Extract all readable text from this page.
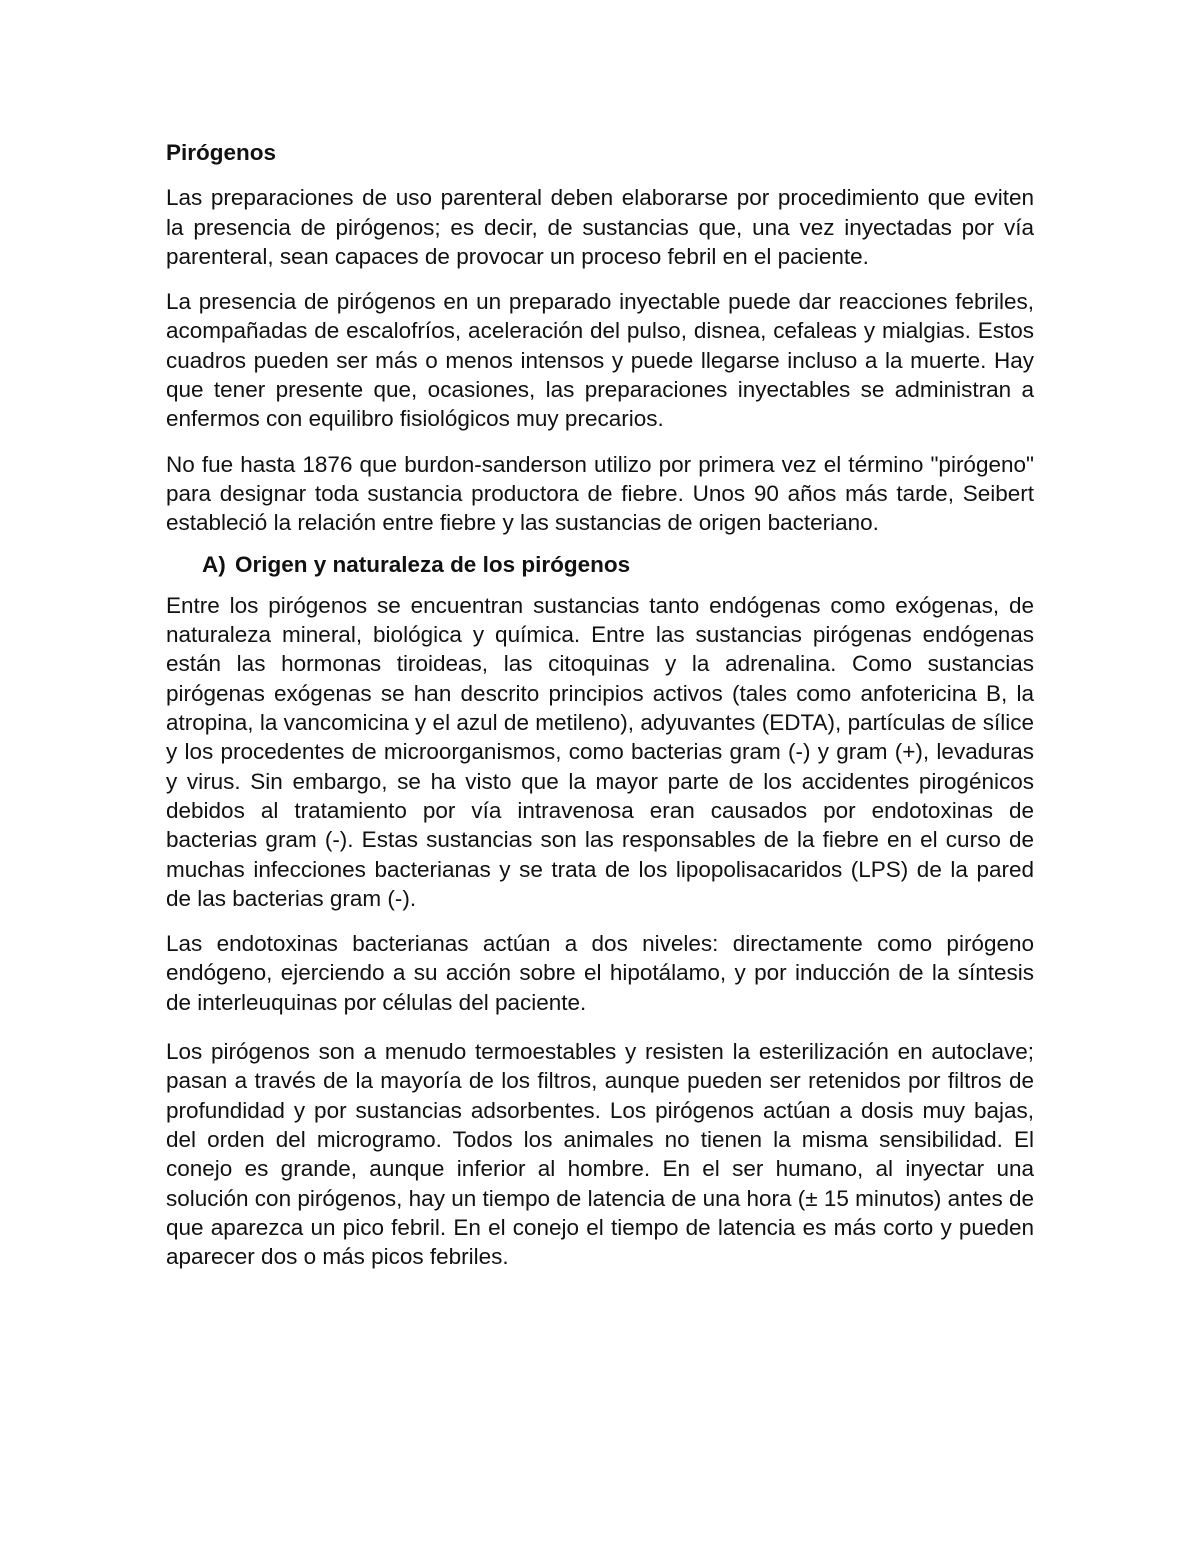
Pirógenos

Las preparaciones de uso parenteral deben elaborarse por procedimiento que eviten la presencia de pirógenos; es decir, de sustancias que, una vez inyectadas por vía parenteral, sean capaces de provocar un proceso febril en el paciente.

La presencia de pirógenos en un preparado inyectable puede dar reacciones febriles, acompañadas de escalofríos, aceleración del pulso, disnea, cefaleas y mialgias. Estos cuadros pueden ser más o menos intensos y puede llegarse incluso a la muerte. Hay que tener presente que, ocasiones, las preparaciones inyectables se administran a enfermos con equilibro fisiológicos muy precarios.

No fue hasta 1876 que burdon-sanderson utilizo por primera vez el término "pirógeno" para designar toda sustancia productora de fiebre. Unos 90 años más tarde, Seibert estableció la relación entre fiebre y las sustancias de origen bacteriano.

A) Origen y naturaleza de los pirógenos

Entre los pirógenos se encuentran sustancias tanto endógenas como exógenas, de naturaleza mineral, biológica y química. Entre las sustancias pirógenas endógenas están las hormonas tiroideas, las citoquinas y la adrenalina. Como sustancias pirógenas exógenas se han descrito principios activos (tales como anfotericina B, la atropina, la vancomicina y el azul de metileno), adyuvantes (EDTA), partículas de sílice y los procedentes de microorganismos, como bacterias gram (-) y gram (+), levaduras y virus. Sin embargo, se ha visto que la mayor parte de los accidentes pirogénicos debidos al tratamiento por vía intravenosa eran causados por endotoxinas de bacterias gram (-). Estas sustancias son las responsables de la fiebre en el curso de muchas infecciones bacterianas y se trata de los lipopolisacaridos (LPS) de la pared de las bacterias gram (-).

Las endotoxinas bacterianas actúan a dos niveles: directamente como pirógeno endógeno, ejerciendo a su acción sobre el hipotálamo, y por inducción de la síntesis de interleuquinas por células del paciente.

Los pirógenos son a menudo termoestables y resisten la esterilización en autoclave; pasan a través de la mayoría de los filtros, aunque pueden ser retenidos por filtros de profundidad y por sustancias adsorbentes. Los pirógenos actúan a dosis muy bajas, del orden del microgramo. Todos los animales no tienen la misma sensibilidad. El conejo es grande, aunque inferior al hombre. En el ser humano, al inyectar una solución con pirógenos, hay un tiempo de latencia de una hora (± 15 minutos) antes de que aparezca un pico febril. En el conejo el tiempo de latencia es más corto y pueden aparecer dos o más picos febriles.
